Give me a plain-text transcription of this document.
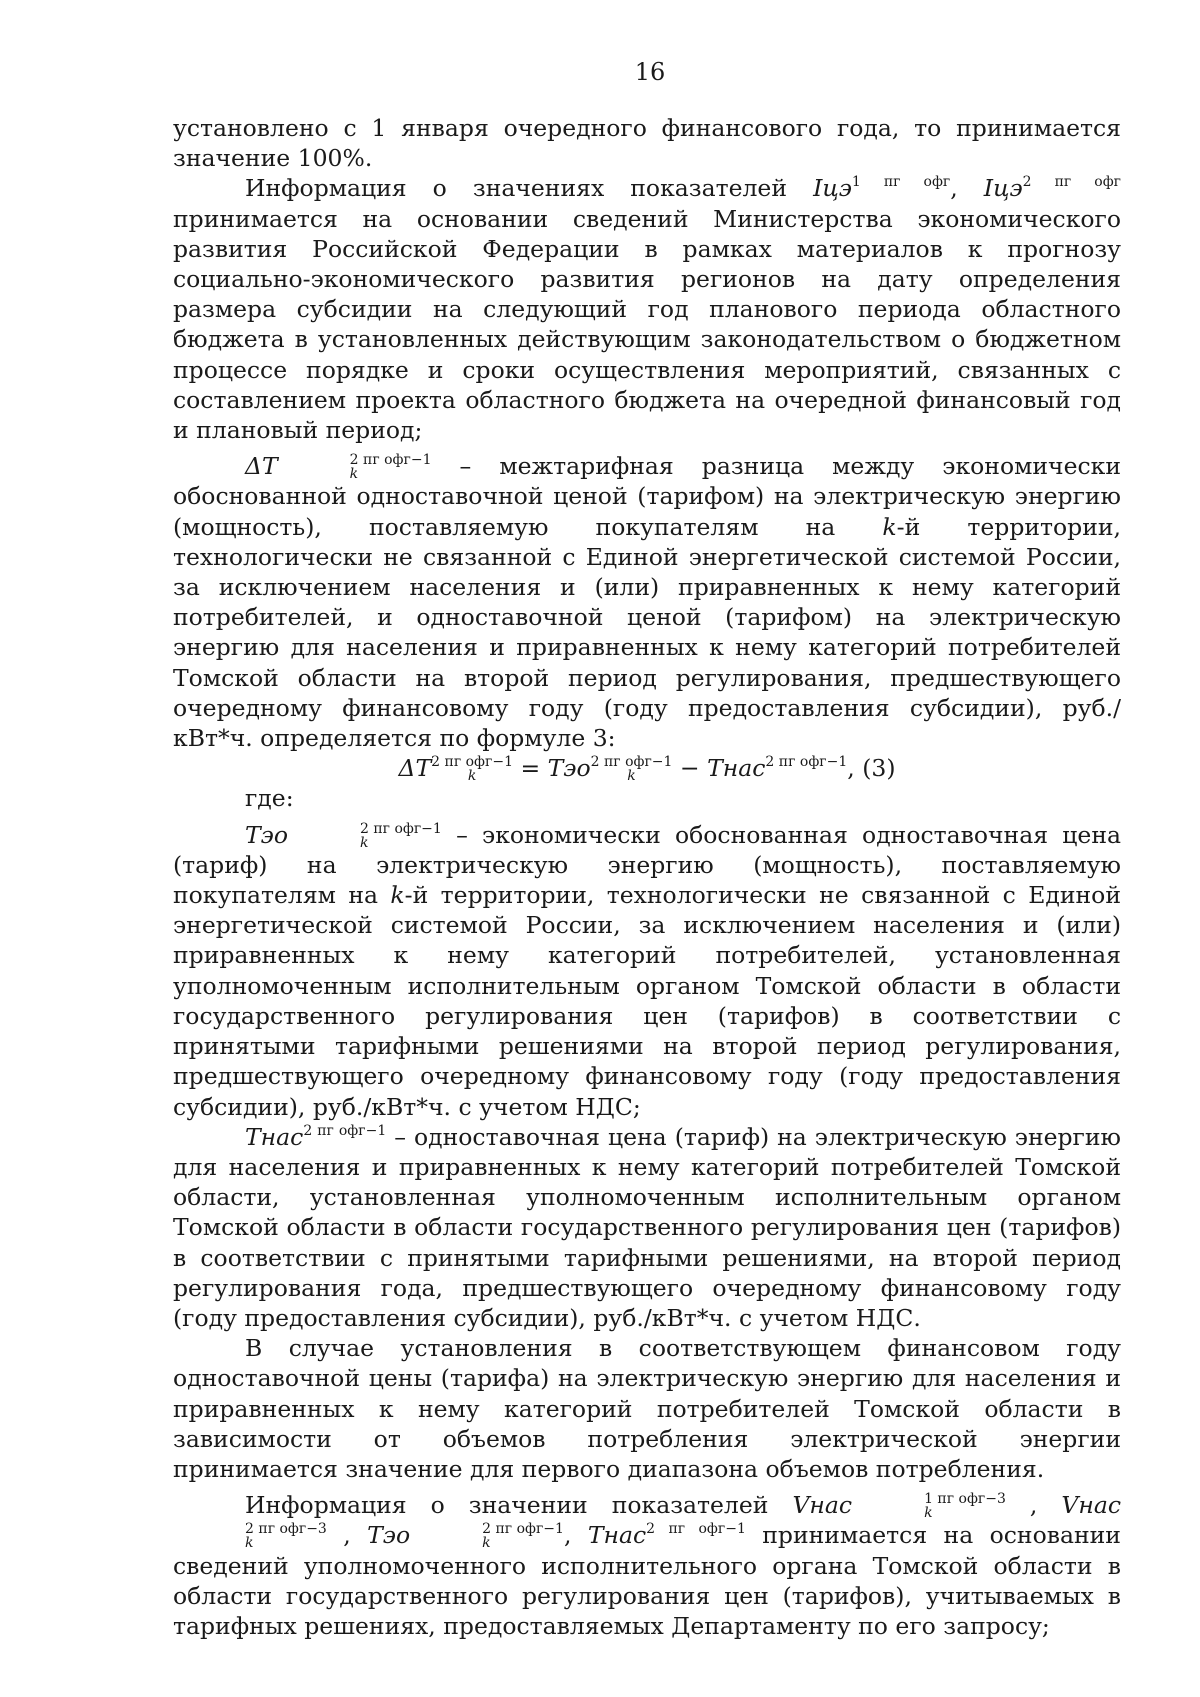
16

установлено с 1 января очередного финансового года, то принимается значение 100%.

Информация о значениях показателей Iцэ$^{1 пг офг}$, Iцэ$^{2 пг офг}$ принимается на основании сведений Министерства экономического развития Российской Федерации в рамках материалов к прогнозу социально-экономического развития регионов на дату определения размера субсидии на следующий год планового периода областного бюджета в установленных действующим законодательством о бюджетном процессе порядке и сроки осуществления мероприятий, связанных с составлением проекта областного бюджета на очередной финансовый год и плановый период;

ΔT	2 пг офг−1
k	– межтарифная разница между экономически обоснованной одноставочной ценой (тарифом) на электрическую энергию (мощность), поставляемую покупателям на k-й территории, технологически не связанной с Единой энергетической системой России, за исключением населения и (или) приравненных к нему категорий потребителей, и одноставочной ценой (тарифом) на электрическую энергию для населения и приравненных к нему категорий потребителей Томской области на второй период регулирования, предшествующего очередному финансовому году (году предоставления субсидии), руб./кВт*ч. определяется по формуле 3:

ΔT 2 пг офг−1
k	= Tэо 2 пг офг−1
k	− Tнас$^{2 пг офг-1}$, (3)

где:

Tэо	2 пг офг−1
k	– экономически обоснованная одноставочная цена (тариф) на электрическую энергию (мощность), поставляемую покупателям на k-й территории, технологически не связанной с Единой энергетической системой России, за исключением населения и (или) приравненных к нему категорий потребителей, установленная уполномоченным исполнительным органом Томской области в области государственного регулирования цен (тарифов) в соответствии с принятыми тарифными решениями на второй период регулирования, предшествующего очередному финансовому году (году предоставления субсидии), руб./кВт*ч. с учетом НДС;

Tнас$^{2 пг офг-1}$ – одноставочная цена (тариф) на электрическую энергию для населения и приравненных к нему категорий потребителей Томской области, установленная уполномоченным исполнительным органом Томской области в области государственного регулирования цен (тарифов) в соответствии с принятыми тарифными решениями, на второй период регулирования года, предшествующего очередному финансовому году (году предоставления субсидии), руб./кВт*ч. с учетом НДС.

В случае установления в соответствующем финансовом году одноставочной цены (тарифа) на электрическую энергию для населения и приравненных к нему категорий потребителей Томской области в зависимости от объемов потребления электрической энергии принимается значение для первого диапазона объемов потребления.

Информация о значении показателей Vнас	1 пг офг−3
k	, Vнас
2 пг офг−3
k	, Tэо	2 пг офг−1
k	, Tнас$^{2 пг офг-1}$ принимается на основании сведений уполномоченного исполнительного органа Томской области в области государственного регулирования цен (тарифов), учитываемых в тарифных решениях, предоставляемых Департаменту по его запросу;
